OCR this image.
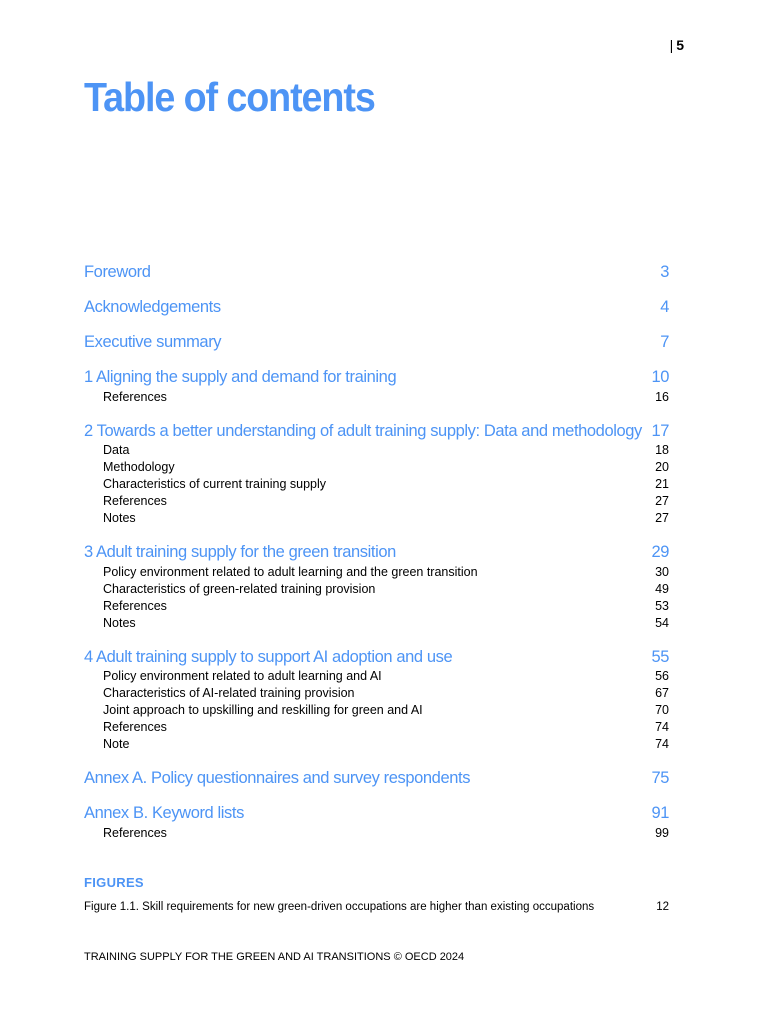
| 5
Table of contents
Foreword	3
Acknowledgements	4
Executive summary	7
1 Aligning the supply and demand for training	10
References	16
2 Towards a better understanding of adult training supply: Data and methodology 17
Data	18
Methodology	20
Characteristics of current training supply	21
References	27
Notes	27
3 Adult training supply for the green transition	29
Policy environment related to adult learning and the green transition	30
Characteristics of green-related training provision	49
References	53
Notes	54
4 Adult training supply to support AI adoption and use	55
Policy environment related to adult learning and AI	56
Characteristics of AI-related training provision	67
Joint approach to upskilling and reskilling for green and AI	70
References	74
Note	74
Annex A. Policy questionnaires and survey respondents	75
Annex B. Keyword lists	91
References	99
FIGURES
Figure 1.1. Skill requirements for new green-driven occupations are higher than existing occupations	12
TRAINING SUPPLY FOR THE GREEN AND AI TRANSITIONS © OECD 2024
